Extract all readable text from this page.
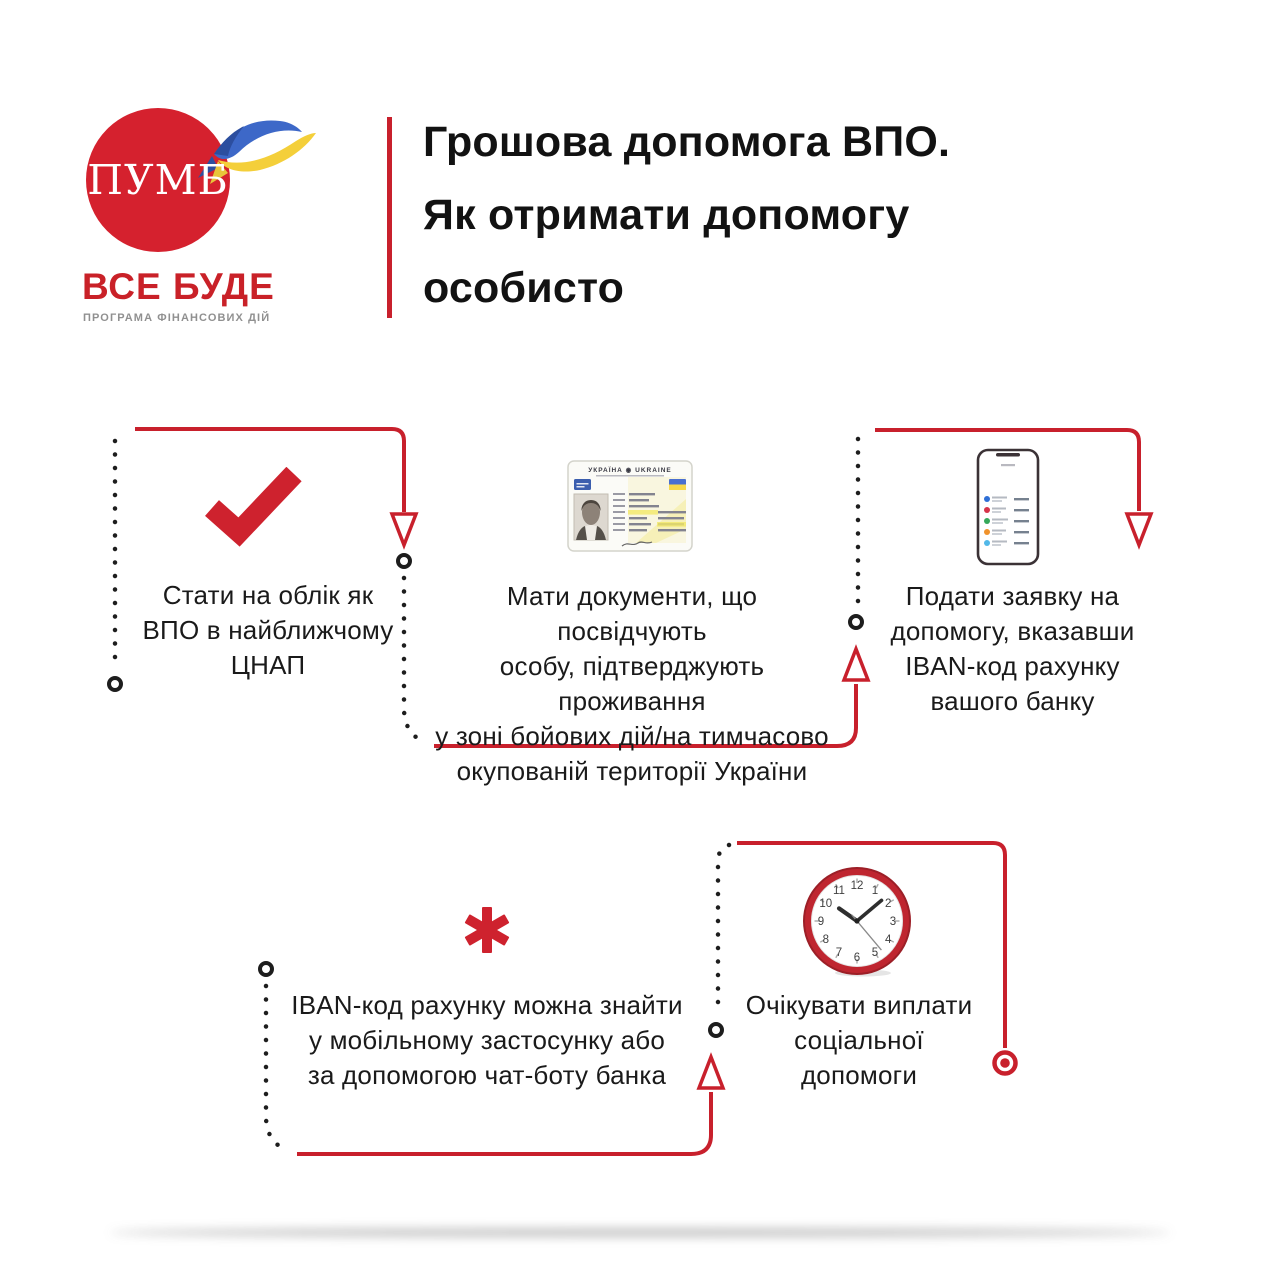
ПУМБ
ВСЕ БУДЕ
ПРОГРАМА ФІНАНСОВИХ ДІЙ
Грошова допомога ВПО.
Як отримати допомогу
особисто
УКРАЇНА ◉ UKRAINE
1
2
3
4
5
6
7
8
9
10
11 12
Стати на облік як
ВПО в найближчому
ЦНАП
Мати документи, що посвідчують
особу, підтверджують проживання
у зоні бойових дій/на тимчасово
окупованій території України
Подати заявку на
допомогу, вказавши
IBAN-код рахунку
вашого банку
IBAN-код рахунку можна знайти
у мобільному застосунку або
за допомогою чат-боту банка
Очікувати виплати
соціальної допомоги
